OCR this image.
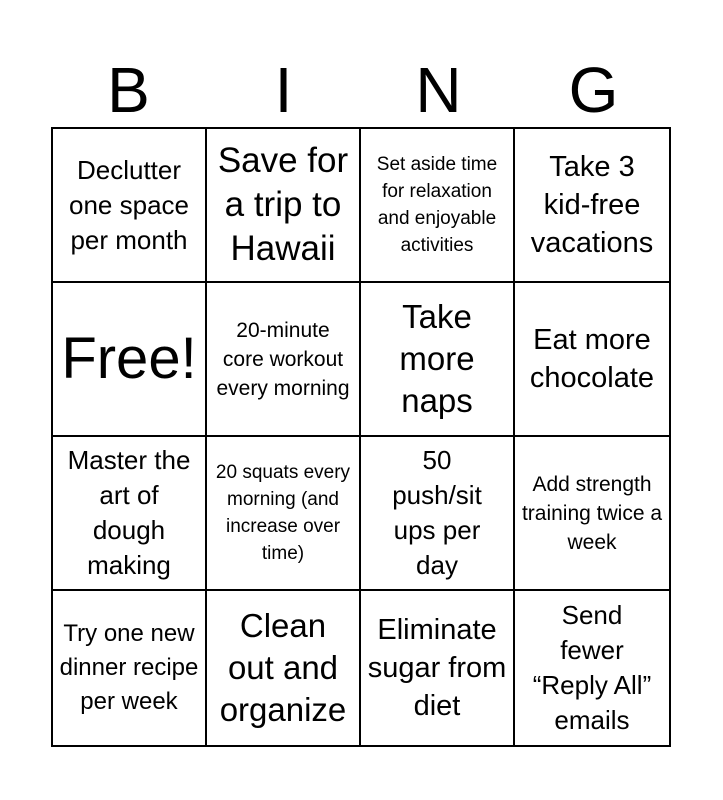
B	I	N	G
Declutter one space per month
Save for a trip to Hawaii
Set aside time for relaxation and enjoyable activities
Take 3 kid-free vacations
Free!	20-minute core workout every morning
Take more naps
Eat more chocolate
Master the art of dough making
20 squats every morning (and increase over time)
50 push/sit ups per day
Add strength training twice a week
Try one new dinner recipe per week
Clean out and organize
Eliminate sugar from diet
Send fewer “Reply All” emails
